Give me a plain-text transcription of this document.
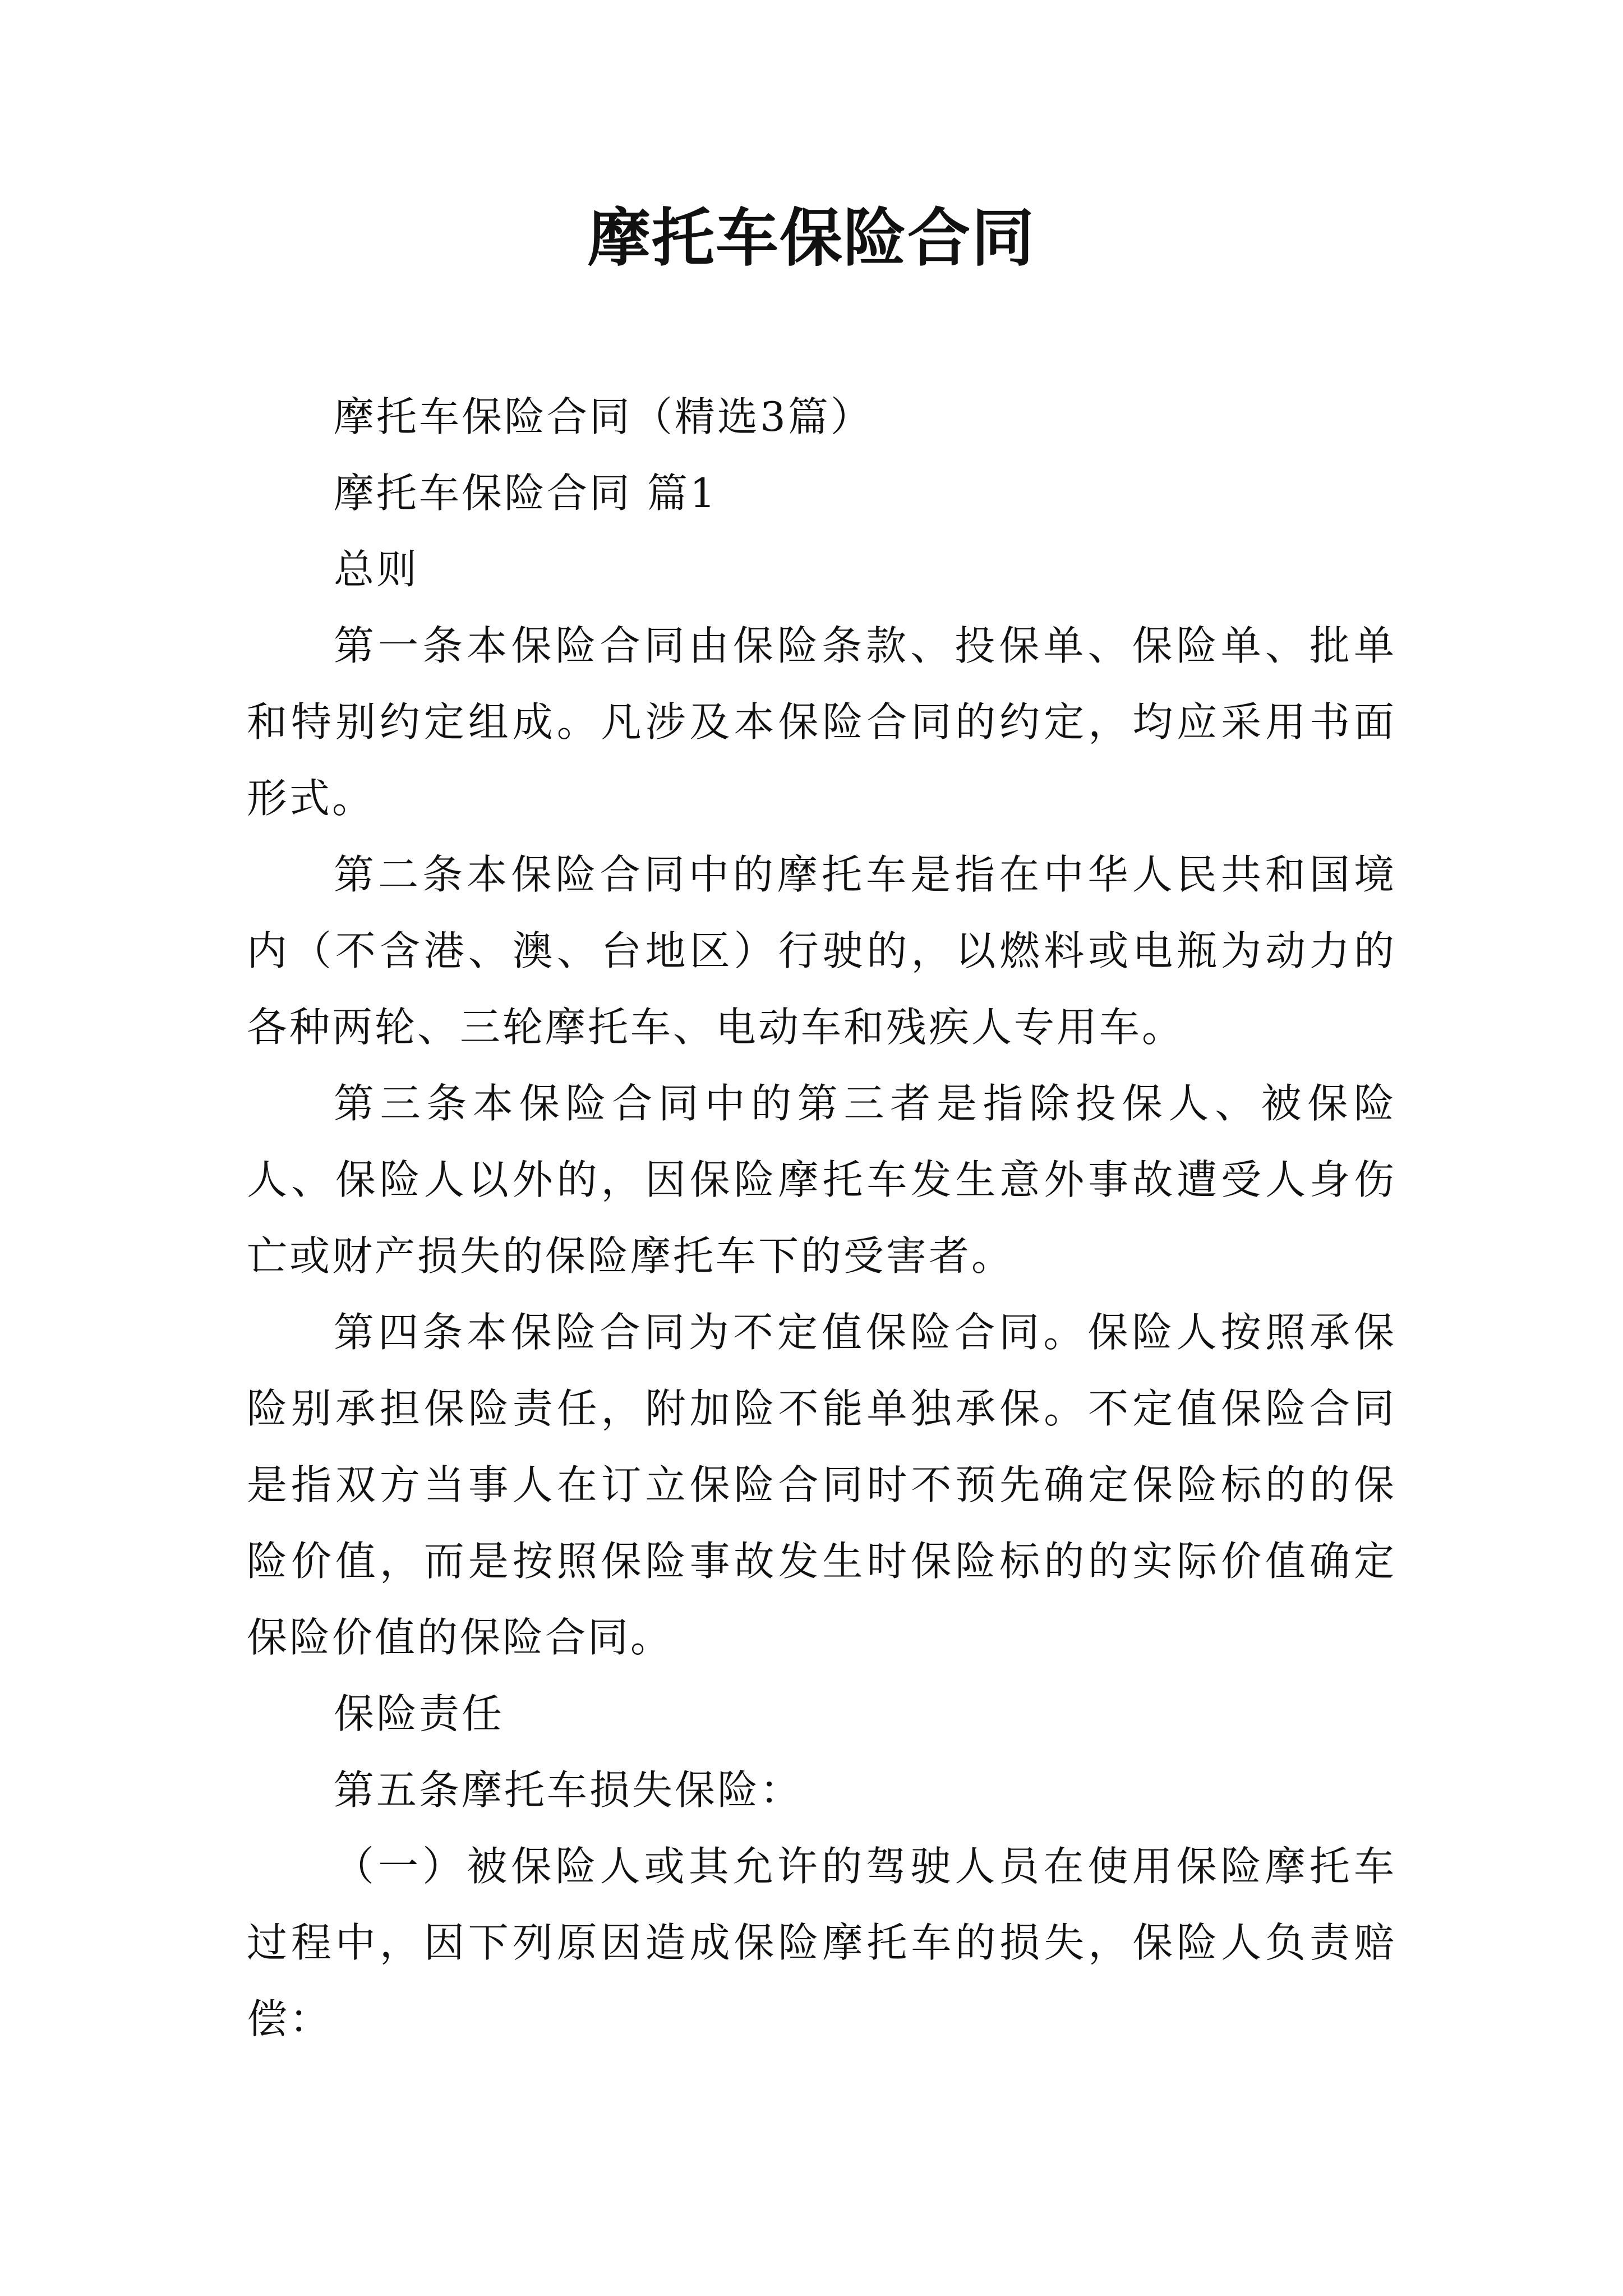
摩托车保险合同

摩托车保险合同（精选3篇）

摩托车保险合同 篇1

总则

第一条本保险合同由保险条款、投保单、保险单、批单和特别约定组成。凡涉及本保险合同的约定，均应采用书面形式。

第二条本保险合同中的摩托车是指在中华人民共和国境内（不含港、澳、台地区）行驶的，以燃料或电瓶为动力的各种两轮、三轮摩托车、电动车和残疾人专用车。

第三条本保险合同中的第三者是指除投保人、被保险人、保险人以外的，因保险摩托车发生意外事故遭受人身伤亡或财产损失的保险摩托车下的受害者。

第四条本保险合同为不定值保险合同。保险人按照承保险别承担保险责任，附加险不能单独承保。不定值保险合同是指双方当事人在订立保险合同时不预先确定保险标的的保险价值，而是按照保险事故发生时保险标的的实际价值确定保险价值的保险合同。

保险责任

第五条摩托车损失保险：

（一）被保险人或其允许的驾驶人员在使用保险摩托车过程中，因下列原因造成保险摩托车的损失，保险人负责赔偿：
